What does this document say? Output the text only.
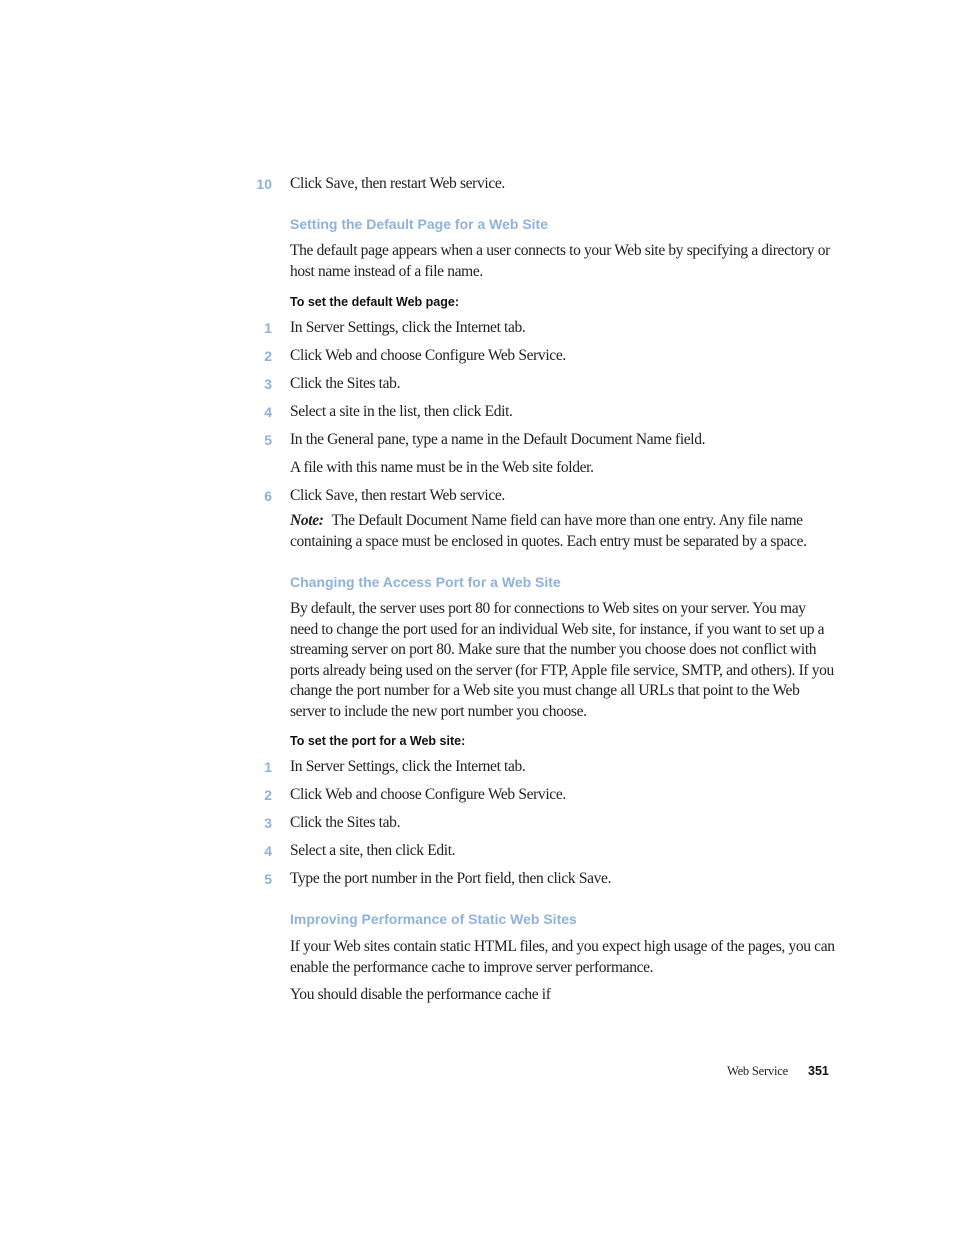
10 Click Save, then restart Web service.
Setting the Default Page for a Web Site
The default page appears when a user connects to your Web site by specifying a directory or host name instead of a file name.
To set the default Web page:
1 In Server Settings, click the Internet tab.
2 Click Web and choose Configure Web Service.
3 Click the Sites tab.
4 Select a site in the list, then click Edit.
5 In the General pane, type a name in the Default Document Name field.
A file with this name must be in the Web site folder.
6 Click Save, then restart Web service.
Note: The Default Document Name field can have more than one entry. Any file name containing a space must be enclosed in quotes. Each entry must be separated by a space.
Changing the Access Port for a Web Site
By default, the server uses port 80 for connections to Web sites on your server. You may need to change the port used for an individual Web site, for instance, if you want to set up a streaming server on port 80. Make sure that the number you choose does not conflict with ports already being used on the server (for FTP, Apple file service, SMTP, and others). If you change the port number for a Web site you must change all URLs that point to the Web server to include the new port number you choose.
To set the port for a Web site:
1 In Server Settings, click the Internet tab.
2 Click Web and choose Configure Web Service.
3 Click the Sites tab.
4 Select a site, then click Edit.
5 Type the port number in the Port field, then click Save.
Improving Performance of Static Web Sites
If your Web sites contain static HTML files, and you expect high usage of the pages, you can enable the performance cache to improve server performance.
You should disable the performance cache if
Web Service 351
